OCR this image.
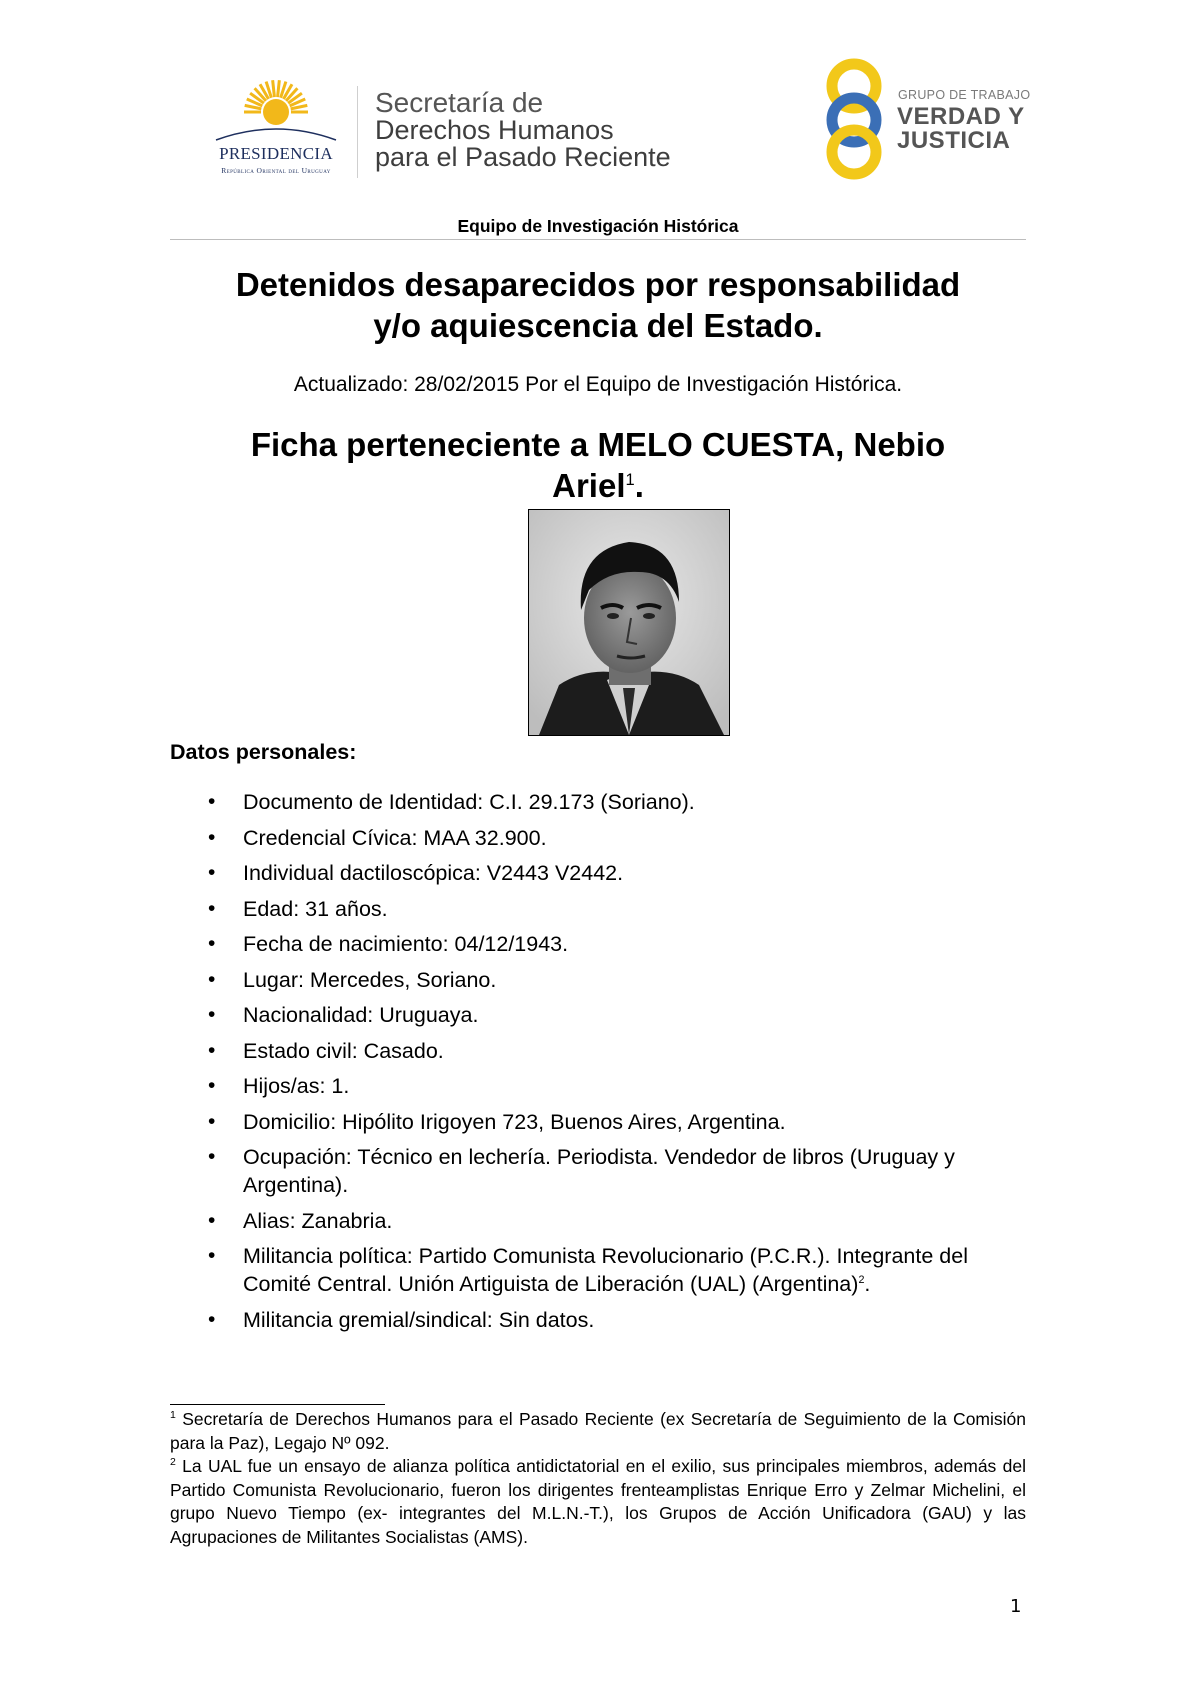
PRESIDENCIA
República Oriental del Uruguay
Secretaría de
Derechos Humanos
para el Pasado Reciente
GRUPO DE TRABAJO
VERDAD Y
JUSTICIA
Equipo de Investigación Histórica
Detenidos desaparecidos por responsabilidad
y/o aquiescencia del Estado.
Actualizado: 28/02/2015 Por el Equipo de Investigación Histórica.
Ficha perteneciente a MELO CUESTA, Nebio
Ariel$^1$.
Datos personales:
• Documento de Identidad: C.I. 29.173 (Soriano).
• Credencial Cívica: MAA 32.900.
• Individual dactiloscópica: V2443 V2442.
• Edad: 31 años.
• Fecha de nacimiento: 04/12/1943.
• Lugar: Mercedes, Soriano.
• Nacionalidad: Uruguaya.
• Estado civil: Casado.
• Hijos/as: 1.
• Domicilio: Hipólito Irigoyen 723, Buenos Aires, Argentina.
• Ocupación: Técnico en lechería. Periodista. Vendedor de libros (Uruguay y Argentina).
• Alias: Zanabria.
• Militancia política: Partido Comunista Revolucionario (P.C.R.). Integrante del Comité Central. Unión Artiguista de Liberación (UAL) (Argentina)$^2$.
• Militancia gremial/sindical: Sin datos.

$^1$ Secretaría de Derechos Humanos para el Pasado Reciente (ex Secretaría de Seguimiento de la Comisión para la Paz), Legajo Nº 092.

$^2$ La UAL fue un ensayo de alianza política antidictatorial en el exilio, sus principales miembros, además del Partido Comunista Revolucionario, fueron los dirigentes frenteamplistas Enrique Erro y Zelmar Michelini, el grupo Nuevo Tiempo (ex- integrantes del M.L.N.-T.), los Grupos de Acción Unificadora (GAU) y las Agrupaciones de Militantes Socialistas (AMS).

1
